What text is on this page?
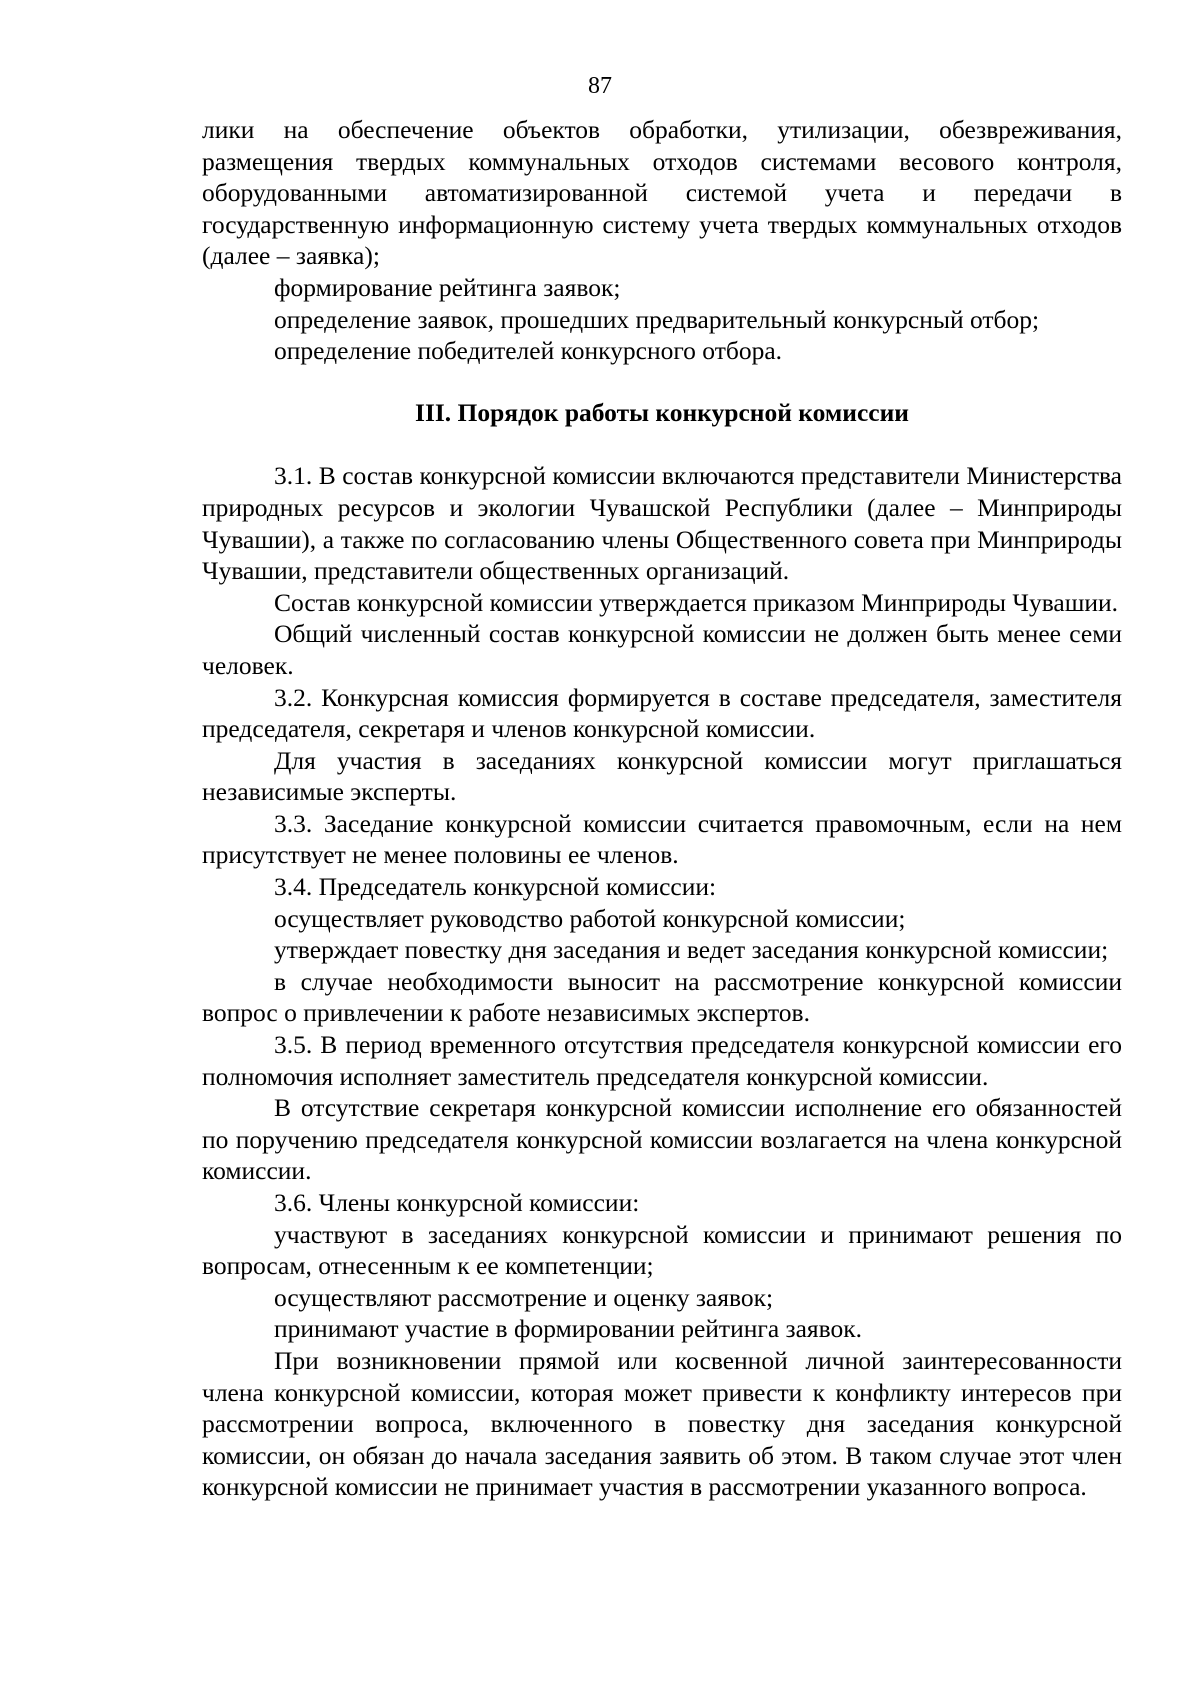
87

лики на обеспечение объектов обработки, утилизации, обезвреживания, размещения твердых коммунальных отходов системами весового контроля, оборудованными автоматизированной системой учета и передачи в государственную информационную систему учета твердых коммунальных отходов (далее – заявка);

формирование рейтинга заявок;

определение заявок, прошедших предварительный конкурсный отбор;

определение победителей конкурсного отбора.

III. Порядок работы конкурсной комиссии

3.1. В состав конкурсной комиссии включаются представители Министерства природных ресурсов и экологии Чувашской Республики (далее – Минприроды Чувашии), а также по согласованию члены Общественного совета при Минприроды Чувашии, представители общественных организаций.

Состав конкурсной комиссии утверждается приказом Минприроды Чувашии.

Общий численный состав конкурсной комиссии не должен быть менее семи человек.

3.2. Конкурсная комиссия формируется в составе председателя, заместителя председателя, секретаря и членов конкурсной комиссии.

Для участия в заседаниях конкурсной комиссии могут приглашаться независимые эксперты.

3.3. Заседание конкурсной комиссии считается правомочным, если на нем присутствует не менее половины ее членов.

3.4. Председатель конкурсной комиссии:

осуществляет руководство работой конкурсной комиссии;

утверждает повестку дня заседания и ведет заседания конкурсной комиссии;

в случае необходимости выносит на рассмотрение конкурсной комиссии вопрос о привлечении к работе независимых экспертов.

3.5. В период временного отсутствия председателя конкурсной комиссии его полномочия исполняет заместитель председателя конкурсной комиссии.

В отсутствие секретаря конкурсной комиссии исполнение его обязанностей по поручению председателя конкурсной комиссии возлагается на члена конкурсной комиссии.

3.6. Члены конкурсной комиссии:

участвуют в заседаниях конкурсной комиссии и принимают решения по вопросам, отнесенным к ее компетенции;

осуществляют рассмотрение и оценку заявок;

принимают участие в формировании рейтинга заявок.

При возникновении прямой или косвенной личной заинтересованности члена конкурсной комиссии, которая может привести к конфликту интересов при рассмотрении вопроса, включенного в повестку дня заседания конкурсной комиссии, он обязан до начала заседания заявить об этом. В таком случае этот член конкурсной комиссии не принимает участия в рассмотрении указанного вопроса.
